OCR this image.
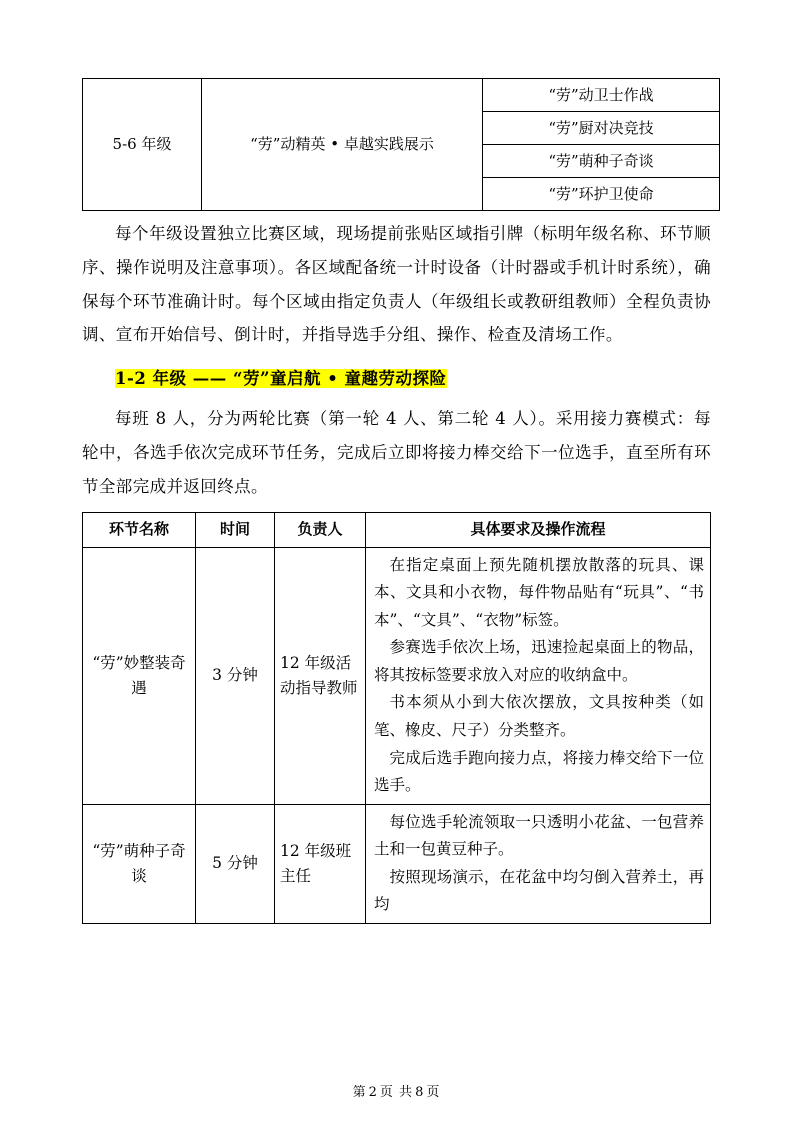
5-6 年级	“劳”动精英 • 卓越实践展示	“劳”动卫士作战
“劳”厨对决竞技
“劳”萌种子奇谈
“劳”环护卫使命

每个年级设置独立比赛区域，现场提前张贴区域指引牌（标明年级名称、环节顺序、操作说明及注意事项）。各区域配备统一计时设备（计时器或手机计时系统），确保每个环节准确计时。每个区域由指定负责人（年级组长或教研组教师）全程负责协调、宣布开始信号、倒计时，并指导选手分组、操作、检查及清场工作。

1-2 年级 —— “劳”童启航 • 童趣劳动探险

每班 8 人，分为两轮比赛（第一轮 4 人、第二轮 4 人）。采用接力赛模式：每轮中，各选手依次完成环节任务，完成后立即将接力棒交给下一位选手，直至所有环节全部完成并返回终点。

环节名称	时间	负责人	具体要求及操作流程
“劳”妙整装奇遇	3 分钟	12 年级活动指导教师	在指定桌面上预先随机摆放散落的玩具、课本、文具和小衣物，每件物品贴有“玩具”、“书本”、“文具”、“衣物”标签。

参赛选手依次上场，迅速捡起桌面上的物品，将其按标签要求放入对应的收纳盒中。

书本须从小到大依次摆放，文具按种类（如笔、橡皮、尺子）分类整齐。

完成后选手跑向接力点，将接力棒交给下一位选手。

“劳”萌种子奇谈	5 分钟	12 年级班主任	每位选手轮流领取一只透明小花盆、一包营养土和一包黄豆种子。

按照现场演示，在花盆中均匀倒入营养土，再均

第 2 页 共 8 页
